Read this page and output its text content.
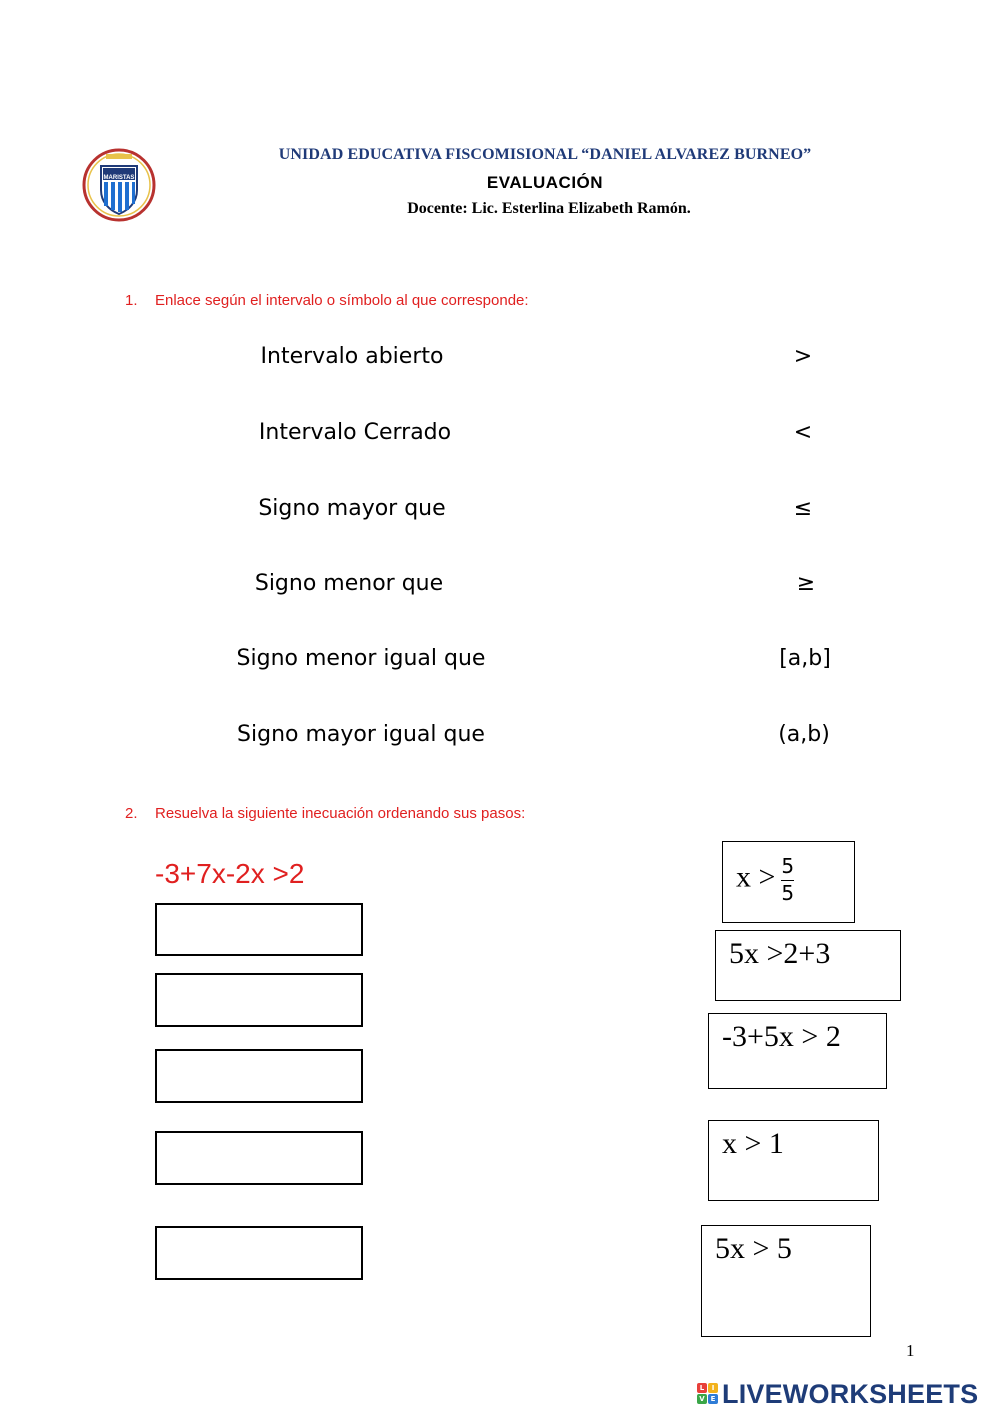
MARISTAS
UNIDAD EDUCATIVA FISCOMISIONAL “DANIEL ALVAREZ BURNEO”
EVALUACIÓN
Docente: Lic. Esterlina Elizabeth Ramón.
1. Enlace según el intervalo o símbolo al que corresponde:
Intervalo abierto
Intervalo Cerrado
Signo mayor que
Signo menor que
Signo menor igual que
Signo mayor igual que
>
<
≤
≥
[a,b]
(a,b)
2. Resuelva la siguiente inecuación ordenando sus pasos:
-3+7x-2x >2	$x > \frac{5}{5}$
5x >2+3
-3+5x > 2
x > 1
5x > 5
1
L	I
V E LIVEWORKSHEETS
